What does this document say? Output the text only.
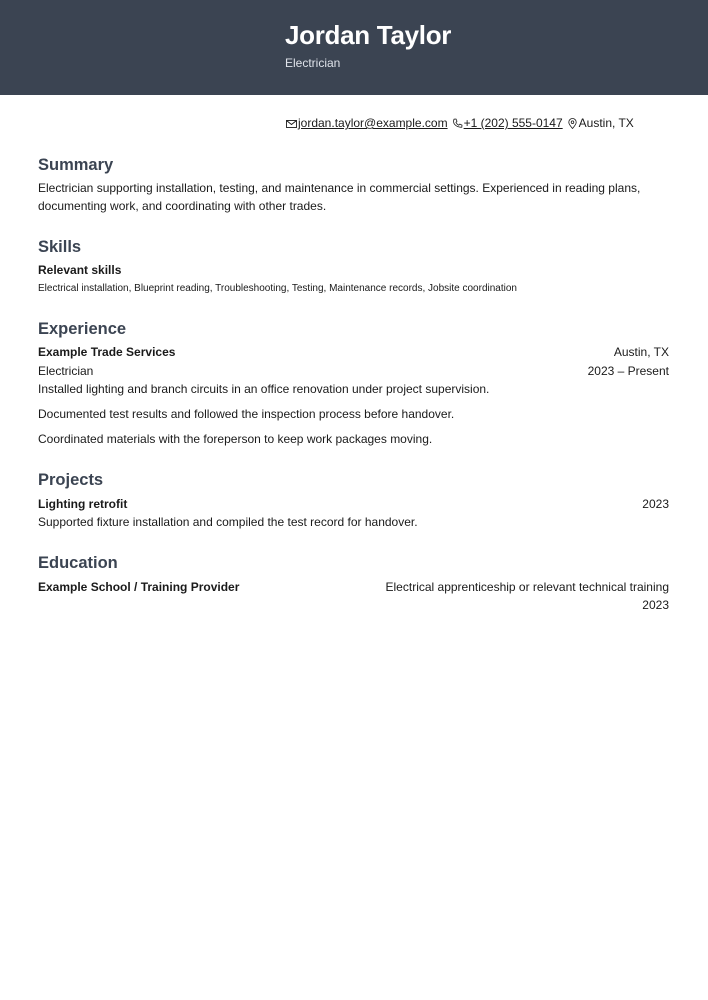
Jordan Taylor
Electrician
jordan.taylor@example.com +1 (202) 555-0147 Austin, TX
Summary
Electrician supporting installation, testing, and maintenance in commercial settings. Experienced in reading plans, documenting work, and coordinating with other trades.
Skills
Relevant skills
Electrical installation, Blueprint reading, Troubleshooting, Testing, Maintenance records, Jobsite coordination
Experience
Example Trade Services	Austin, TX
Electrician	2023 – Present
Installed lighting and branch circuits in an office renovation under project supervision.
Documented test results and followed the inspection process before handover.
Coordinated materials with the foreperson to keep work packages moving.
Projects
Lighting retrofit	2023
Supported fixture installation and compiled the test record for handover.
Education
Example School / Training Provider	Electrical apprenticeship or relevant technical training
2023
